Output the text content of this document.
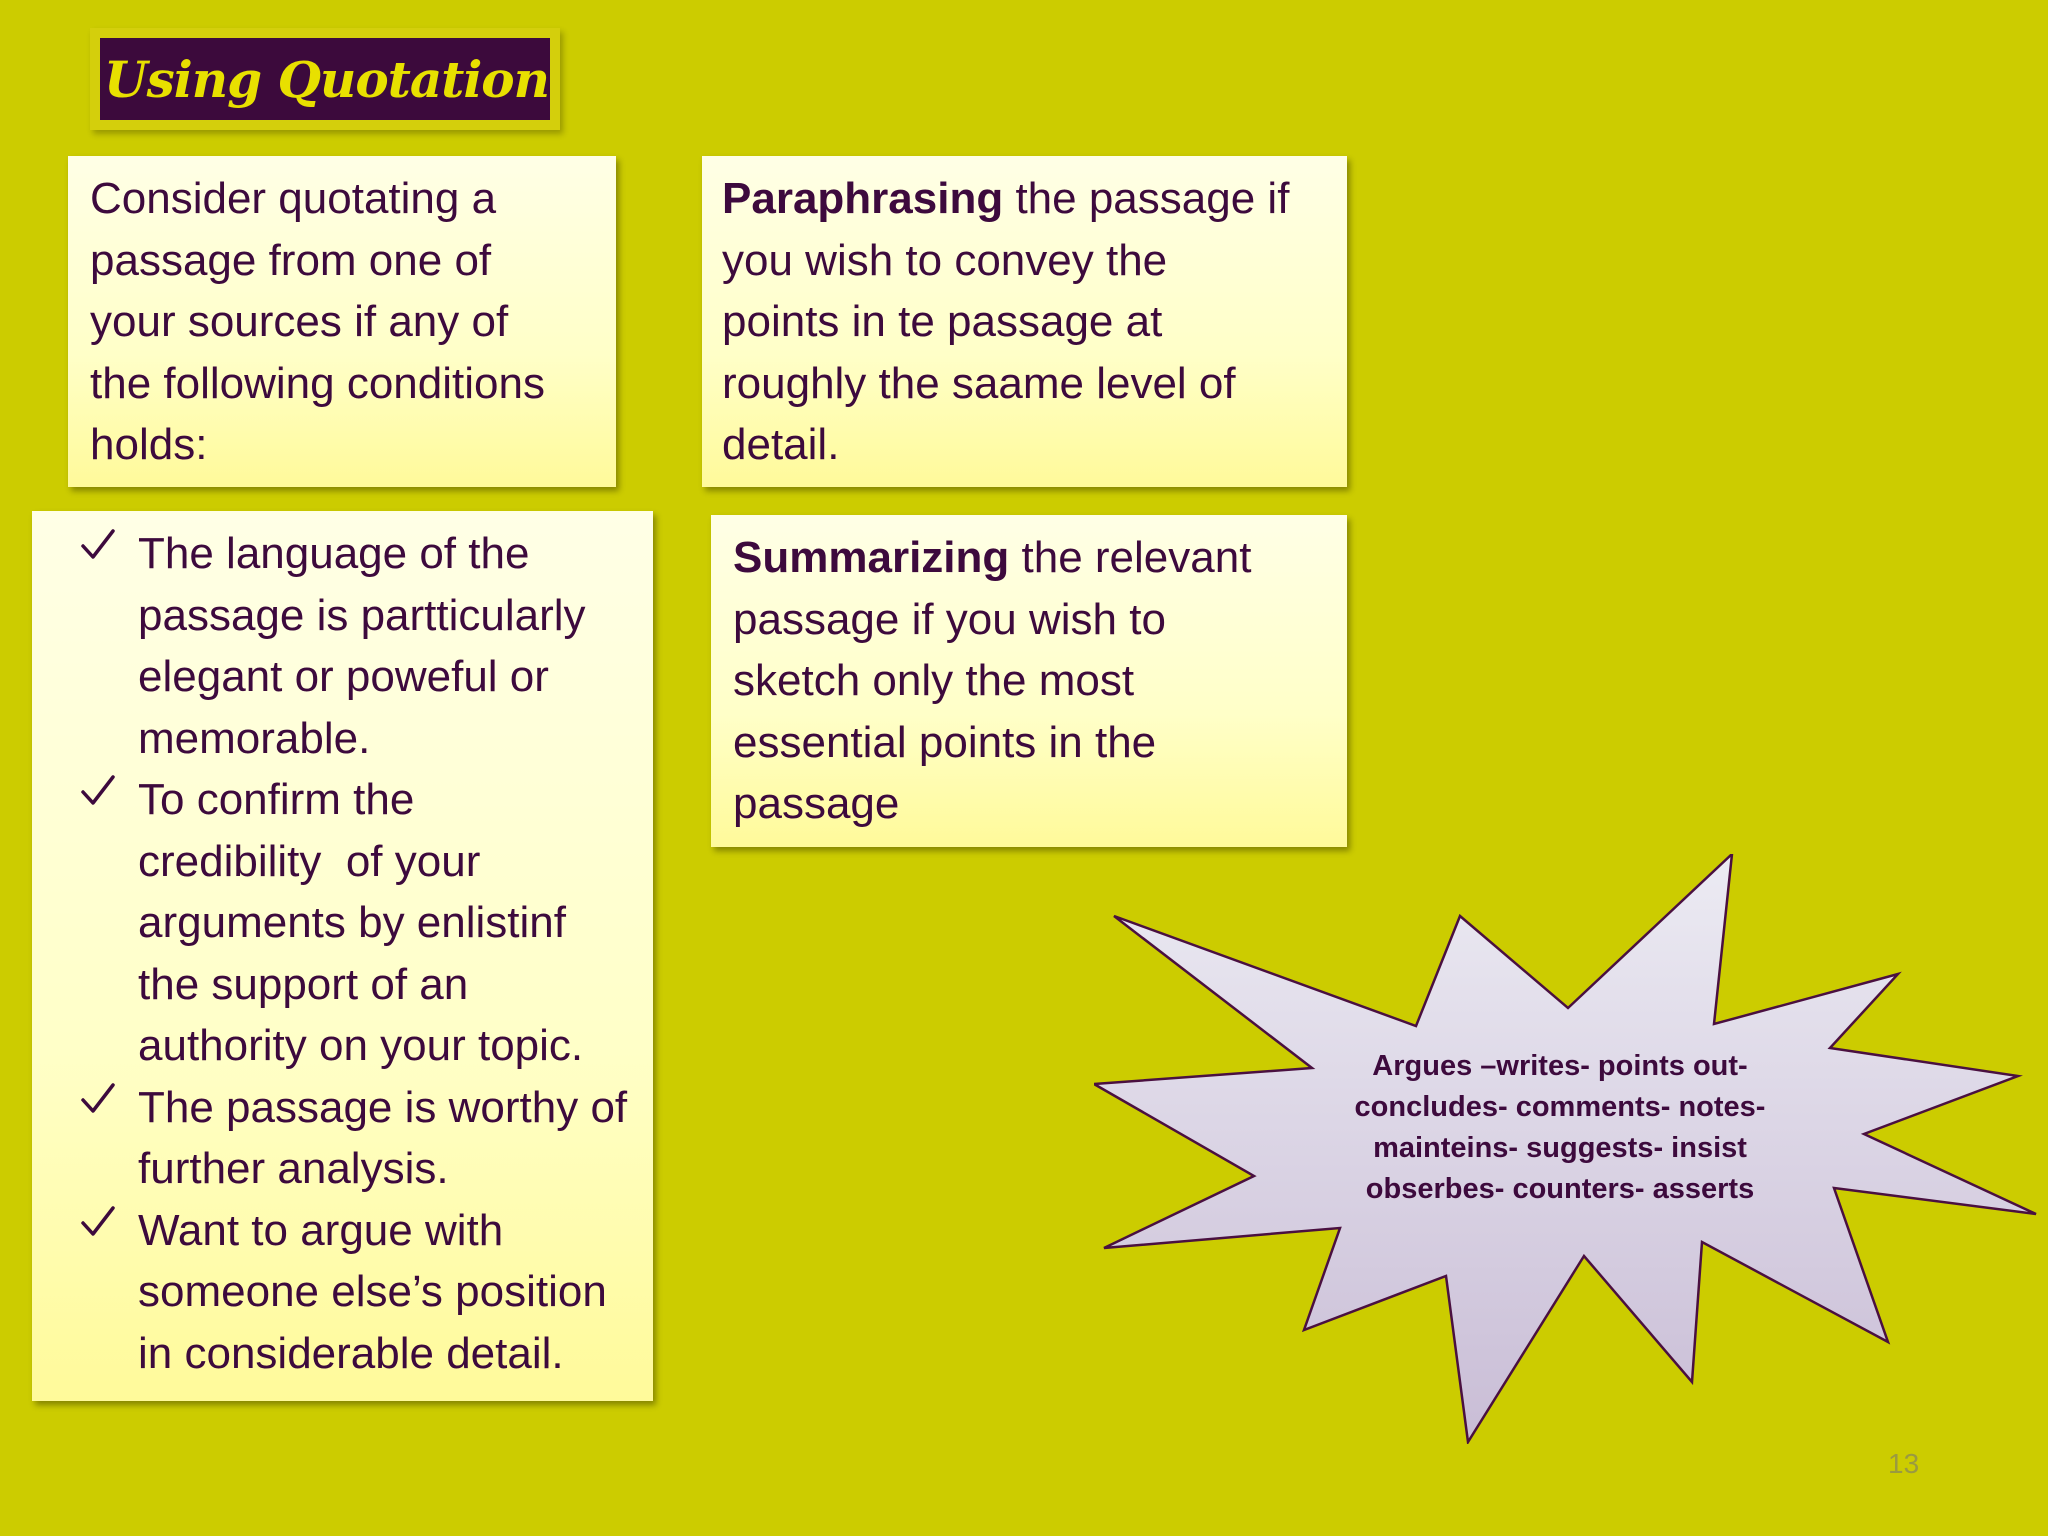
Using Quotation
Consider quotating a
passage from one of
your sources if any of
the following conditions
holds:
Paraphrasing the passage if
you wish to convey the
points in te passage at
roughly the saame level of
detail.
Summarizing the relevant
passage if you wish to
sketch only the most
essential points in the
passage
The language of the
passage is partticularly
elegant or poweful or
memorable.
To confirm the
credibility  of your
arguments by enlistinf
the support of an
authority on your topic.
The passage is worthy of
further analysis.
Want to argue with
someone else’s position
in considerable detail.
Argues –writes- points out-
concludes- comments- notes-
mainteins- suggests- insist
obserbes- counters- asserts
13
